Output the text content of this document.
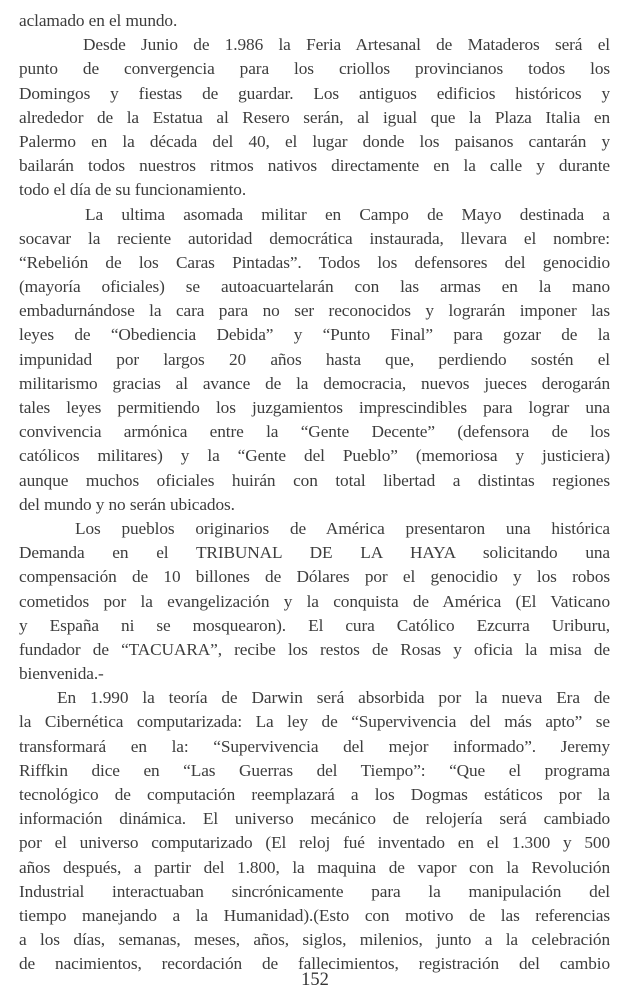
aclamado en el mundo.
Desde Junio de 1.986 la Feria Artesanal de Mataderos será el
punto de convergencia para los criollos provincianos todos los
Domingos y fiestas de guardar. Los antiguos edificios históricos y
alrededor de la Estatua al Resero serán, al igual que la Plaza Italia en
Palermo en la década del 40, el lugar donde los paisanos cantarán y
bailarán todos nuestros ritmos nativos directamente en la calle y durante
todo el día de su funcionamiento.
La ultima asomada militar en Campo de Mayo destinada a
socavar la reciente autoridad democrática instaurada, llevara el nombre:
“Rebelión de los Caras Pintadas”. Todos los defensores del genocidio
(mayoría oficiales) se autoacuartelarán con las armas en la mano
embadurnándose la cara para no ser reconocidos y lograrán imponer las
leyes de “Obediencia Debida” y “Punto Final” para gozar de la
impunidad por largos 20 años hasta que, perdiendo sostén el
militarismo gracias al avance de la democracia, nuevos jueces derogarán
tales leyes permitiendo los juzgamientos imprescindibles para lograr una
convivencia armónica entre la “Gente Decente” (defensora de los
católicos militares) y la “Gente del Pueblo” (memoriosa y justiciera)
aunque muchos oficiales huirán con total libertad a distintas regiones
del mundo y no serán ubicados.
Los pueblos originarios de América presentaron una histórica
Demanda en el TRIBUNAL DE LA HAYA solicitando una
compensación de 10 billones de Dólares por el genocidio y los robos
cometidos por la evangelización y la conquista de América (El Vaticano
y España ni se mosquearon). El cura Católico Ezcurra Uriburu,
fundador de “TACUARA”, recibe los restos de Rosas y oficia la misa de
bienvenida.-
En 1.990 la teoría de Darwin será absorbida por la nueva Era de
la Cibernética computarizada: La ley de “Supervivencia del más apto” se
transformará en la: “Supervivencia del mejor informado”. Jeremy
Riffkin dice en “Las Guerras del Tiempo”: “Que el programa
tecnológico de computación reemplazará a los Dogmas estáticos por la
información dinámica. El universo mecánico de relojería será cambiado
por el universo computarizado (El reloj fué inventado en el 1.300 y 500
años después, a partir del 1.800, la maquina de vapor con la Revolución
Industrial interactuaban sincrónicamente para la manipulación del
tiempo manejando a la Humanidad).(Esto con motivo de las referencias
a los días, semanas, meses, años, siglos, milenios, junto a la celebración
de nacimientos, recordación de fallecimientos, registración del cambio
152
